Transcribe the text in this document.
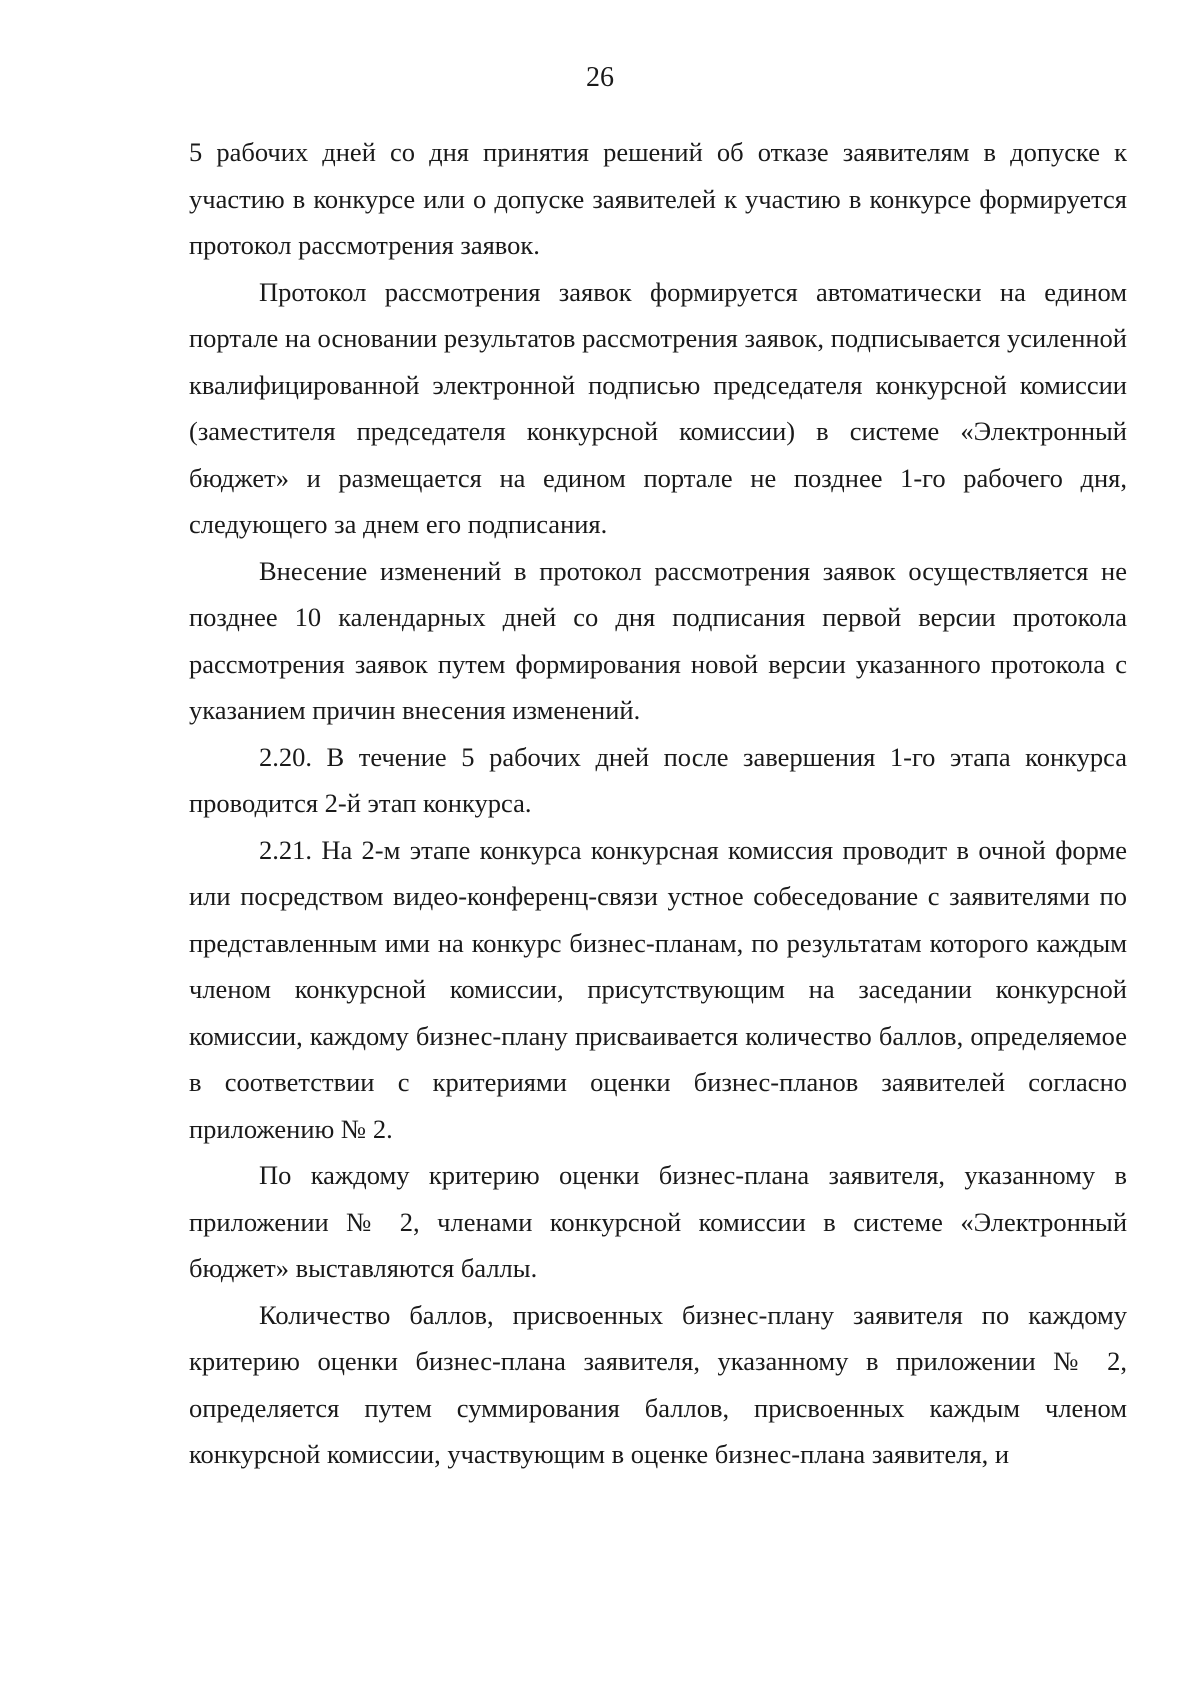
26

5 рабочих дней со дня принятия решений об отказе заявителям в допуске к участию в конкурсе или о допуске заявителей к участию в конкурсе формируется протокол рассмотрения заявок.

Протокол рассмотрения заявок формируется автоматически на едином портале на основании результатов рассмотрения заявок, подписывается усиленной квалифицированной электронной подписью председателя конкурсной комиссии (заместителя председателя конкурсной комиссии) в системе «Электронный бюджет» и размещается на едином портале не позднее 1-го рабочего дня, следующего за днем его подписания.

Внесение изменений в протокол рассмотрения заявок осуществляется не позднее 10 календарных дней со дня подписания первой версии протокола рассмотрения заявок путем формирования новой версии указанного протокола с указанием причин внесения изменений.

2.20. В течение 5 рабочих дней после завершения 1-го этапа конкурса проводится 2-й этап конкурса.

2.21. На 2-м этапе конкурса конкурсная комиссия проводит в очной форме или посредством видео-конференц-связи устное собеседование с заявителями по представленным ими на конкурс бизнес-планам, по результатам которого каждым членом конкурсной комиссии, присутствующим на заседании конкурсной комиссии, каждому бизнес-плану присваивается количество баллов, определяемое в соответствии с критериями оценки бизнес-планов заявителей согласно приложению № 2.

По каждому критерию оценки бизнес-плана заявителя, указанному в приложении № 2, членами конкурсной комиссии в системе «Электронный бюджет» выставляются баллы.

Количество баллов, присвоенных бизнес-плану заявителя по каждому критерию оценки бизнес-плана заявителя, указанному в приложении № 2, определяется путем суммирования баллов, присвоенных каждым членом конкурсной комиссии, участвующим в оценке бизнес-плана заявителя, и
